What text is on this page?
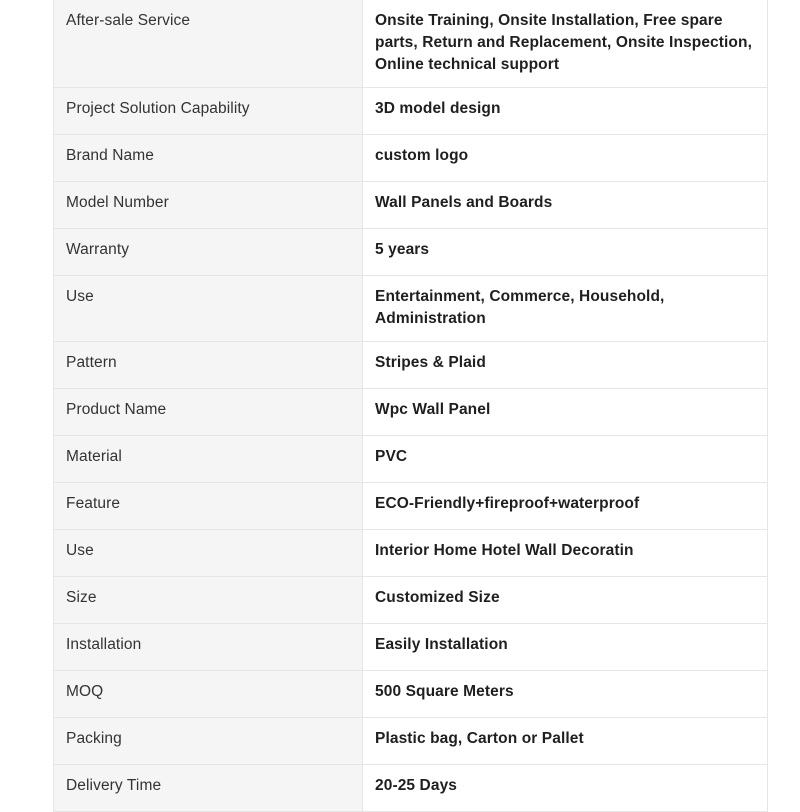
After-sale Service	Onsite Training, Onsite Installation, Free spare parts, Return and Replacement, Onsite Inspection, Online technical support
Project Solution Capability	3D model design
Brand Name	custom logo
Model Number	Wall Panels and Boards
Warranty	5 years
Use	Entertainment, Commerce, Household, Administration
Pattern	Stripes & Plaid
Product Name	Wpc Wall Panel
Material	PVC
Feature	ECO-Friendly+fireproof+waterproof
Use	Interior Home Hotel Wall Decoratin
Size	Customized Size
Installation	Easily Installation
MOQ	500 Square Meters
Packing	Plastic bag, Carton or Pallet
Delivery Time	20-25 Days
